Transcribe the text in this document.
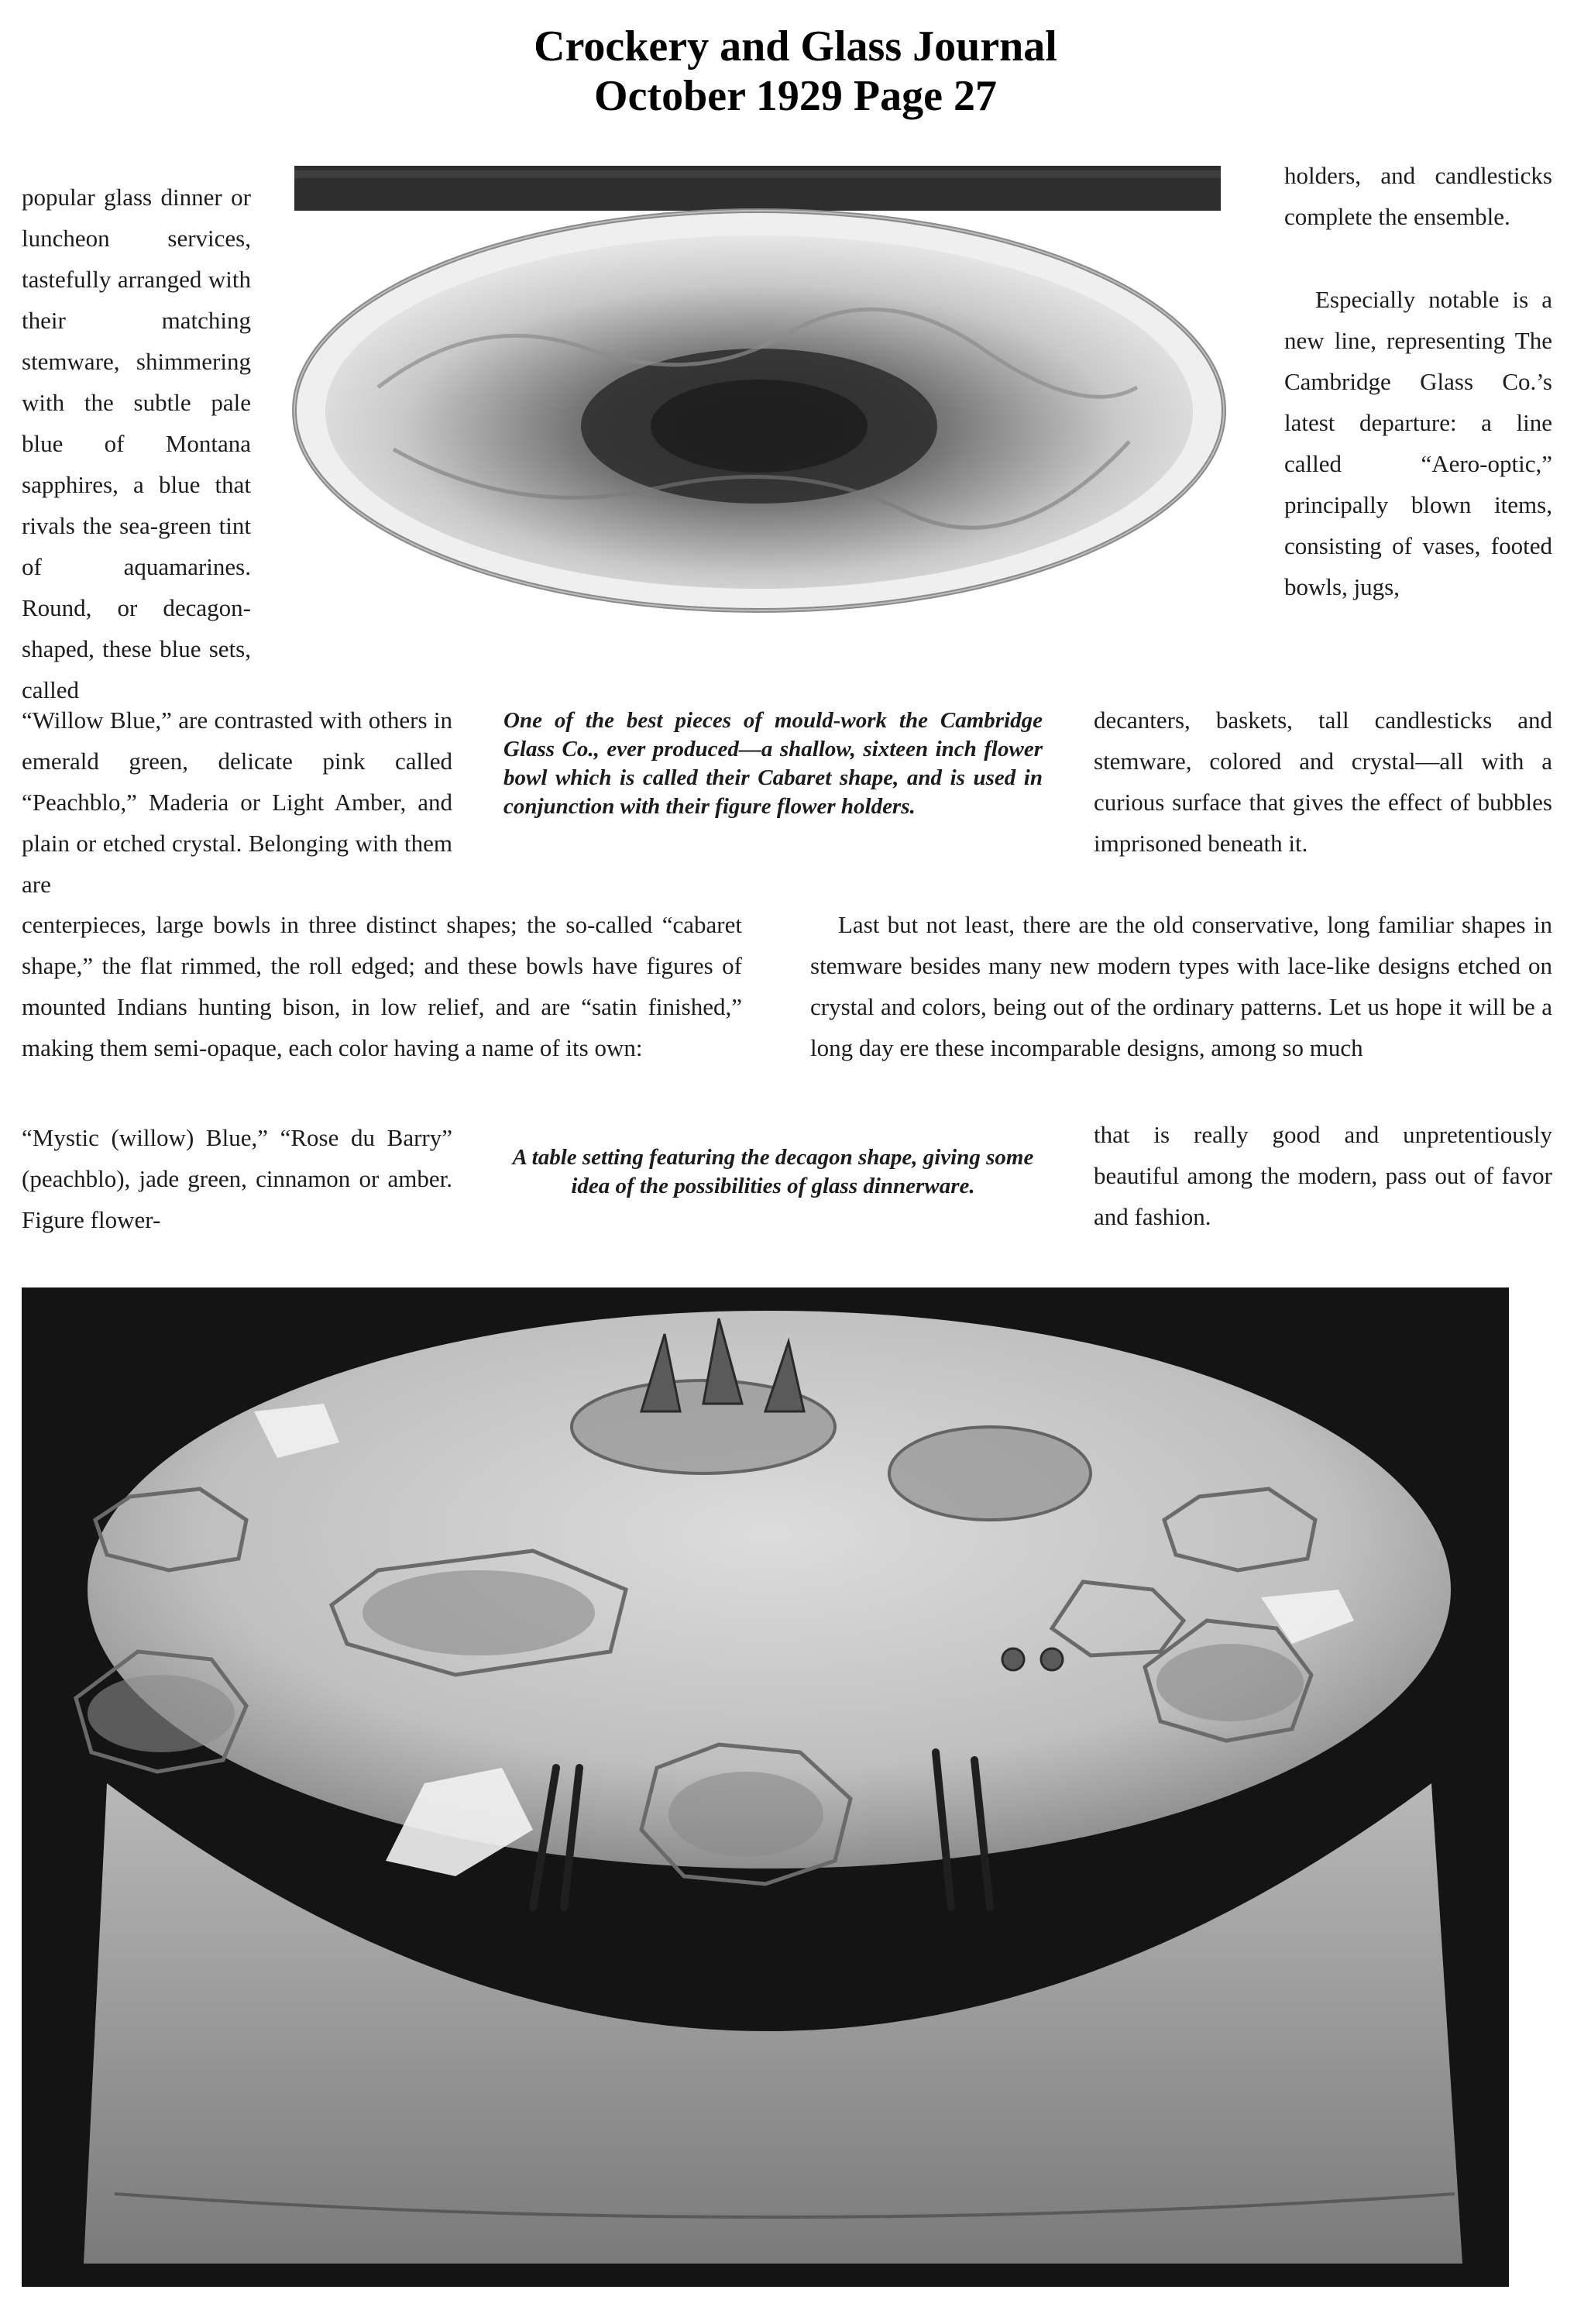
Crockery and Glass Journal
October 1929 Page 27

popular glass dinner or luncheon services, tastefully arranged with their matching stemware, shimmering with the subtle pale blue of Montana sapphires, a blue that rivals the sea-green tint of aquamarines. Round, or decagon-shaped, these blue sets, called

“Willow Blue,” are contrasted with others in emerald green, delicate pink called “Peachblo,” Maderia or Light Amber, and plain or etched crystal. Belonging with them are

holders, and candlesticks complete the ensemble.

Especially notable is a new line, representing The Cambridge Glass Co.’s latest departure: a line called “Aero-optic,” principally blown items, consisting of vases, footed bowls, jugs,

decanters, baskets, tall candlesticks and stemware, colored and crystal—all with a curious surface that gives the effect of bubbles imprisoned beneath it.

One of the best pieces of mould-work the Cambridge Glass Co., ever produced—a shallow, sixteen inch flower bowl which is called their Cabaret shape, and is used in conjunction with their figure flower holders.

centerpieces, large bowls in three distinct shapes; the so-called “cabaret shape,” the flat rimmed, the roll edged; and these bowls have figures of mounted Indians hunting bison, in low relief, and are “satin finished,” making them semi-opaque, each color having a name of its own:

Last but not least, there are the old conservative, long familiar shapes in stemware besides many new modern types with lace-like designs etched on crystal and colors, being out of the ordinary patterns. Let us hope it will be a long day ere these incomparable designs, among so much

“Mystic (willow) Blue,” “Rose du Barry” (peachblo), jade green, cinnamon or amber. Figure flower-

A table setting featuring the decagon shape, giving some idea of the possibilities of glass dinnerware.

that is really good and unpretentiously beautiful among the modern, pass out of favor and fashion.
